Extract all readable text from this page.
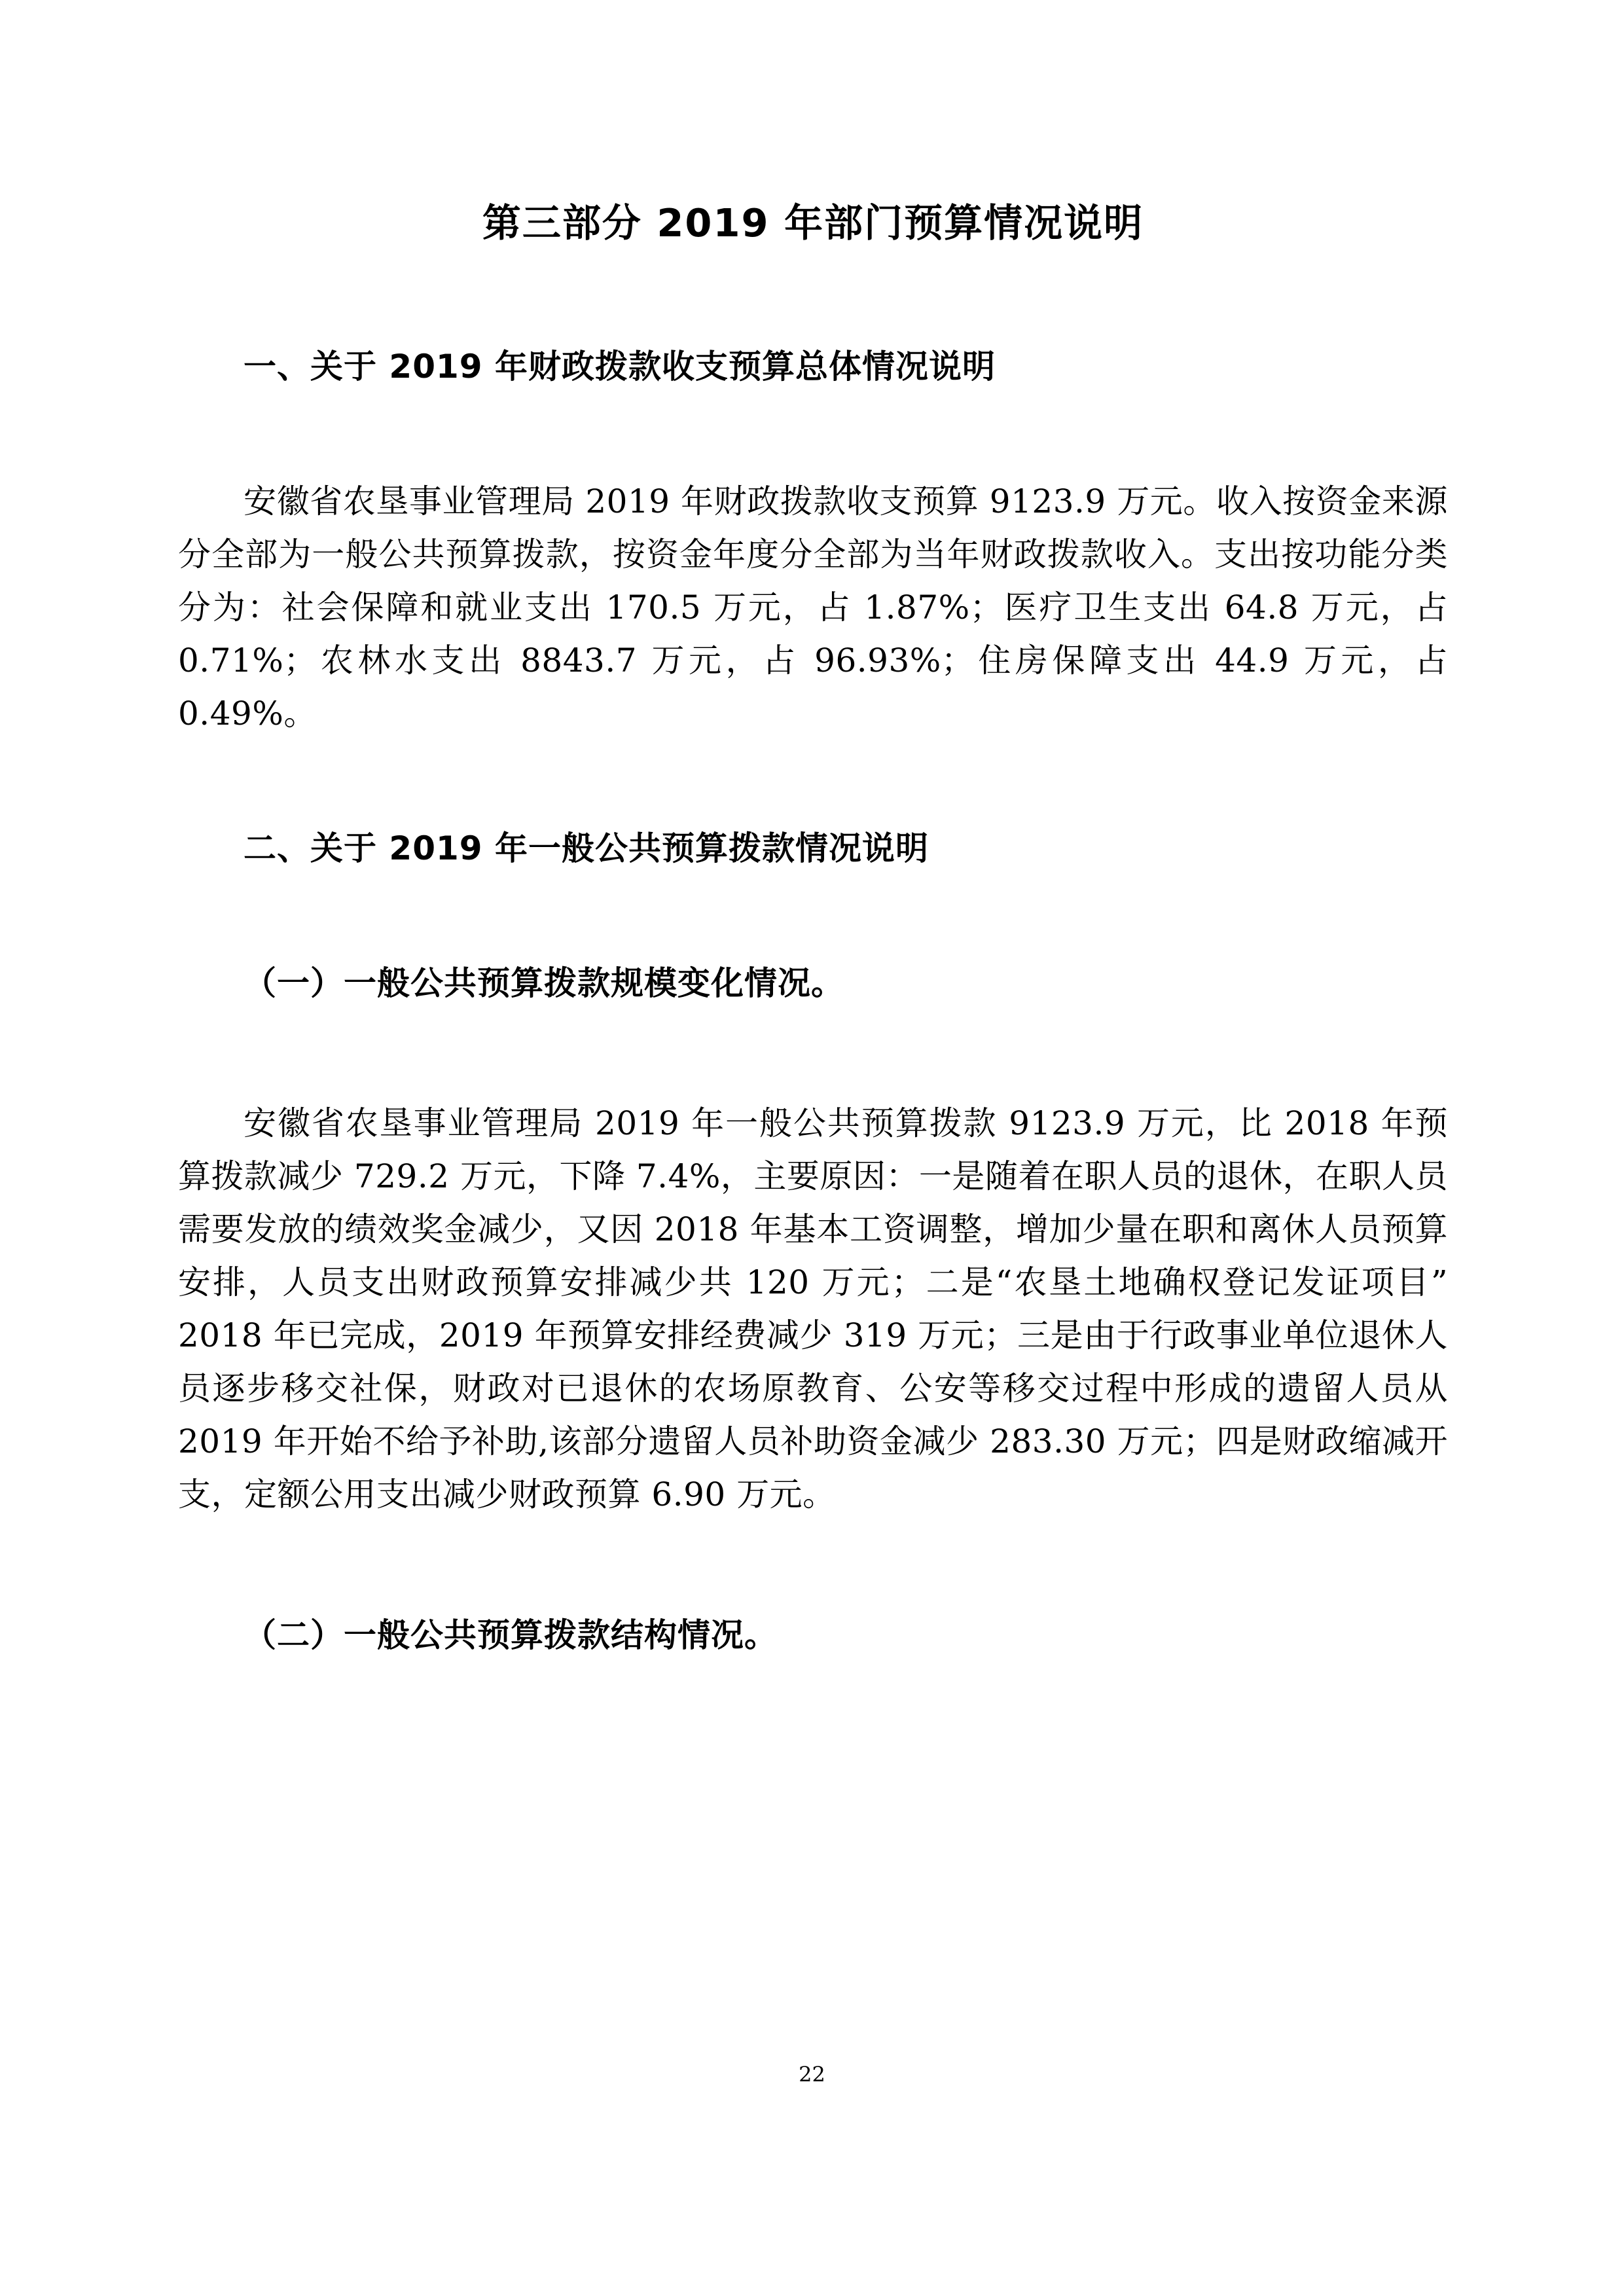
第三部分 2019 年部门预算情况说明
一、关于 2019 年财政拨款收支预算总体情况说明

安徽省农垦事业管理局 2019 年财政拨款收支预算 9123.9 万元。收入按资金来源分全部为一般公共预算拨款，按资金年度分全部为当年财政拨款收入。支出按功能分类分为：社会保障和就业支出 170.5 万元，占 1.87%；医疗卫生支出 64.8 万元，占 0.71%；农林水支出 8843.7 万元，占 96.93%；住房保障支出 44.9 万元，占 0.49%。

二、关于 2019 年一般公共预算拨款情况说明
（一）一般公共预算拨款规模变化情况。

安徽省农垦事业管理局 2019 年一般公共预算拨款 9123.9 万元，比 2018 年预算拨款减少 729.2 万元，下降 7.4%，主要原因：一是随着在职人员的退休，在职人员需要发放的绩效奖金减少，又因 2018 年基本工资调整，增加少量在职和离休人员预算安排，人员支出财政预算安排减少共 120 万元；二是“农垦土地确权登记发证项目”2018 年已完成，2019 年预算安排经费减少 319 万元；三是由于行政事业单位退休人员逐步移交社保，财政对已退休的农场原教育、公安等移交过程中形成的遗留人员从 2019 年开始不给予补助,该部分遗留人员补助资金减少 283.30 万元；四是财政缩减开支，定额公用支出减少财政预算 6.90 万元。

（二）一般公共预算拨款结构情况。
22
